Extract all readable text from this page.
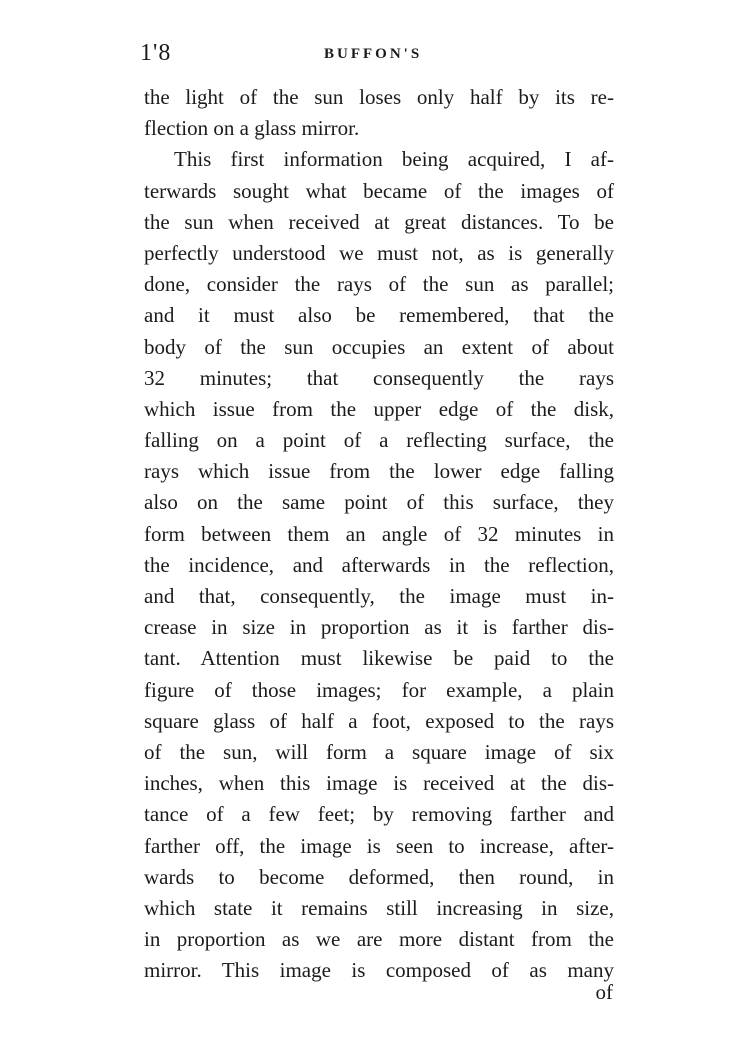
1'8	BUFFON'S
the light of the sun loses only half by its re-
flection on a glass mirror.
This first information being acquired, I af-
terwards sought what became of the images of
the sun when received at great distances. To be
perfectly understood we must not, as is generally
done, consider the rays of the sun as parallel;
and it must also be remembered, that the
body of the sun occupies an extent of about
32 minutes; that consequently the rays
which issue from the upper edge of the disk,
falling on a point of a reflecting surface, the
rays which issue from the lower edge falling
also on the same point of this surface, they
form between them an angle of 32 minutes in
the incidence, and afterwards in the reflection,
and that, consequently, the image must in-
crease in size in proportion as it is farther dis-
tant. Attention must likewise be paid to the
figure of those images; for example, a plain
square glass of half a foot, exposed to the rays
of the sun, will form a square image of six
inches, when this image is received at the dis-
tance of a few feet; by removing farther and
farther off, the image is seen to increase, after-
wards to become deformed, then round, in
which state it remains still increasing in size,
in proportion as we are more distant from the
mirror. This image is composed of as many
of
